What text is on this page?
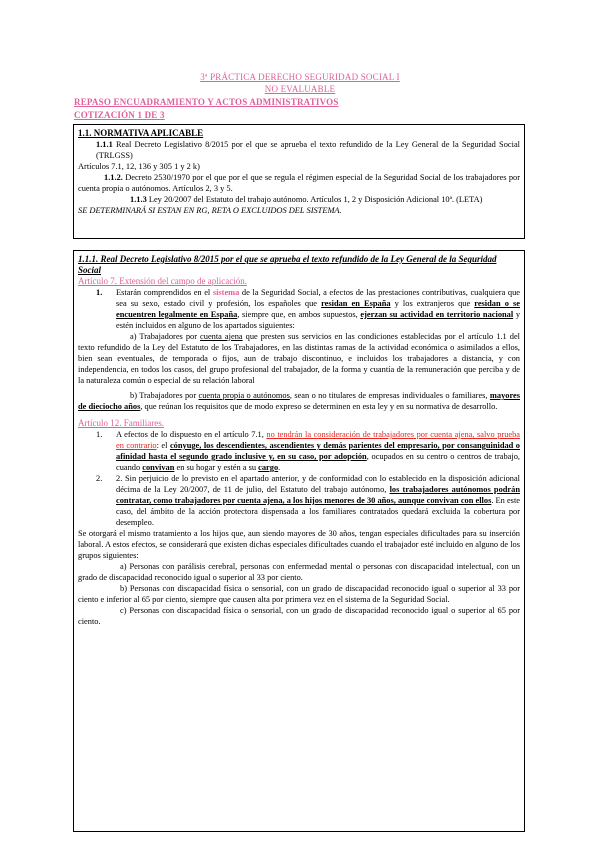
3ª PRÁCTICA DERECHO SEGURIDAD SOCIAL I
NO EVALUABLE
REPASO ENCUADRAMIENTO Y ACTOS ADMINISTRATIVOS
COTIZACIÓN 1 DE 3

1.1. NORMATIVA APLICABLE

1.1.1 Real Decreto Legislativo 8/2015 por el que se aprueba el texto refundido de la Ley General de la Seguridad Social (TRLGSS)

Artículos 7.1, 12, 136 y 305 1 y 2 k)

1.1.2. Decreto 2530/1970 por el que por el que se regula el régimen especial de la Seguridad Social de los trabajadores por cuenta propia o autónomos. Artículos 2, 3 y 5.

1.1.3 Ley 20/2007 del Estatuto del trabajo autónomo. Artículos 1, 2 y Disposición Adicional 10ª. (LETA)

SE DETERMINARÁ SI ESTAN EN RG, RETA O EXCLUIDOS DEL SISTEMA.

1.1.1. Real Decreto Legislativo 8/2015 por el que se aprueba el texto refundido de la Ley General de la Seguridad Social

Artículo 7. Extensión del campo de aplicación.

1. Estarán comprendidos en el sistema de la Seguridad Social, a efectos de las prestaciones contributivas, cualquiera que sea su sexo, estado civil y profesión, los españoles que residan en España y los extranjeros que residan o se encuentren legalmente en España, siempre que, en ambos supuestos, ejerzan su actividad en territorio nacional y estén incluidos en alguno de los apartados siguientes:

a) Trabajadores por cuenta ajena que presten sus servicios en las condiciones establecidas por el artículo 1.1 del texto refundido de la Ley del Estatuto de los Trabajadores, en las distintas ramas de la actividad económica o asimilados a ellos, bien sean eventuales, de temporada o fijos, aun de trabajo discontinuo, e incluidos los trabajadores a distancia, y con independencia, en todos los casos, del grupo profesional del trabajador, de la forma y cuantía de la remuneración que perciba y de la naturaleza común o especial de su relación laboral

b) Trabajadores por cuenta propia o autónomos, sean o no titulares de empresas individuales o familiares, mayores de dieciocho años, que reúnan los requisitos que de modo expreso se determinen en esta ley y en su normativa de desarrollo.

Artículo 12. Familiares.

1. A efectos de lo dispuesto en el artículo 7.1, no tendrán la consideración de trabajadores por cuenta ajena, salvo prueba en contrario: el cónyuge, los descendientes, ascendientes y demás parientes del empresario, por consanguinidad o afinidad hasta el segundo grado inclusive y, en su caso, por adopción, ocupados en su centro o centros de trabajo, cuando convivan en su hogar y estén a su cargo.
2. 2. Sin perjuicio de lo previsto en el apartado anterior, y de conformidad con lo establecido en la disposición adicional décima de la Ley 20/2007, de 11 de julio, del Estatuto del trabajo autónomo, los trabajadores autónomos podrán contratar, como trabajadores por cuenta ajena, a los hijos menores de 30 años, aunque convivan con ellos. En este caso, del ámbito de la acción protectora dispensada a los familiares contratados quedará excluida la cobertura por desempleo.

Se otorgará el mismo tratamiento a los hijos que, aun siendo mayores de 30 años, tengan especiales dificultades para su inserción laboral. A estos efectos, se considerará que existen dichas especiales dificultades cuando el trabajador esté incluido en alguno de los grupos siguientes:

a) Personas con parálisis cerebral, personas con enfermedad mental o personas con discapacidad intelectual, con un grado de discapacidad reconocido igual o superior al 33 por ciento.

b) Personas con discapacidad física o sensorial, con un grado de discapacidad reconocido igual o superior al 33 por ciento e inferior al 65 por ciento, siempre que causen alta por primera vez en el sistema de la Seguridad Social.

c) Personas con discapacidad física o sensorial, con un grado de discapacidad reconocido igual o superior al 65 por ciento.
